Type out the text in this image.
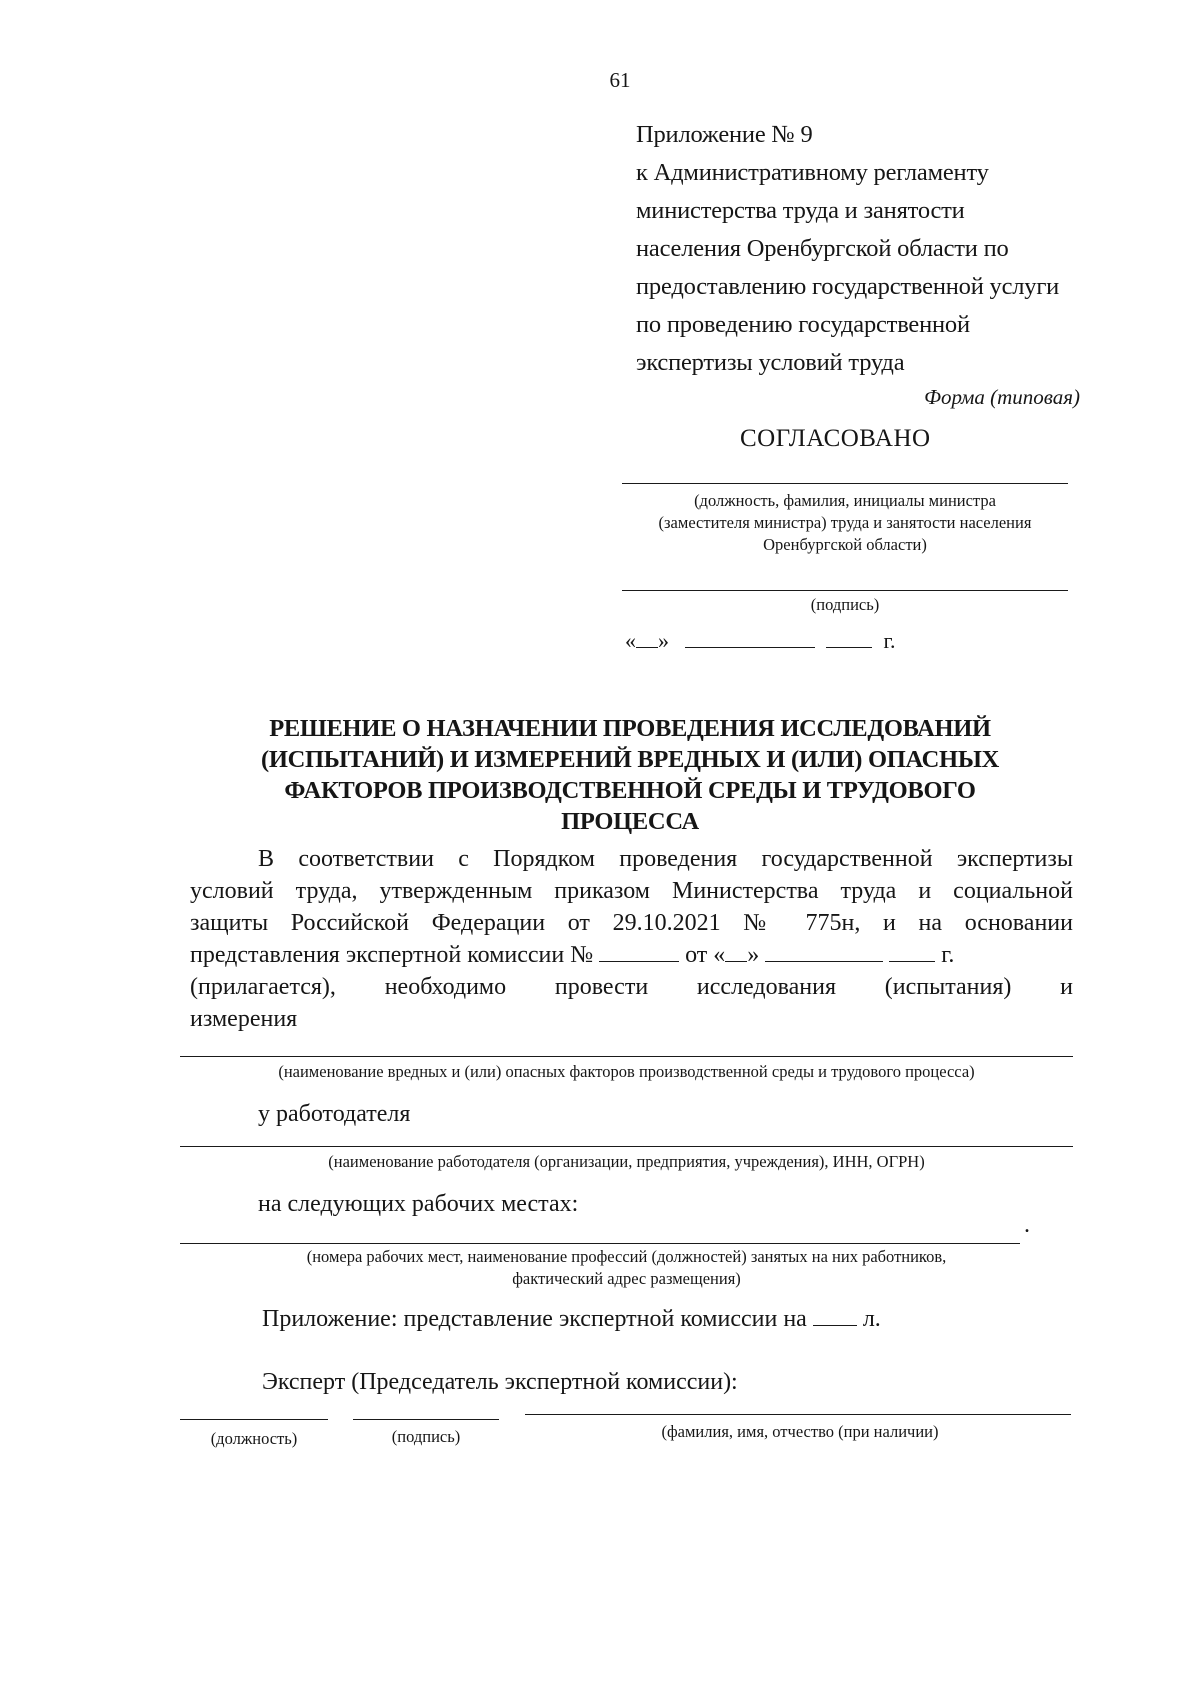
61
Приложение № 9
к Административному регламенту
министерства труда и занятости
населения Оренбургской области по
предоставлению государственной услуги
по проведению государственной
экспертизы условий труда
Форма (типовая)
СОГЛАСОВАНО
(должность, фамилия, инициалы министра
(заместителя министра) труда и занятости населения
Оренбургской области)
(подпись)
« »	г.
РЕШЕНИЕ О НАЗНАЧЕНИИ ПРОВЕДЕНИЯ ИССЛЕДОВАНИЙ
(ИСПЫТАНИЙ) И ИЗМЕРЕНИЙ ВРЕДНЫХ И (ИЛИ) ОПАСНЫХ
ФАКТОРОВ ПРОИЗВОДСТВЕННОЙ СРЕДЫ И ТРУДОВОГО
ПРОЦЕССА
В соответствии с Порядком проведения государственной экспертизы
условий труда, утвержденным приказом Министерства труда и социальной
защиты Российской Федерации от 29.10.2021 № 775н, и на основании
представления экспертной комиссии №	от « »	г.
(прилагается), необходимо провести исследования (испытания) и
измерения
(наименование вредных и (или) опасных факторов производственной среды и трудового процесса)
у работодателя
(наименование работодателя (организации, предприятия, учреждения), ИНН, ОГРН)
на следующих рабочих местах:
.
(номера рабочих мест, наименование профессий (должностей) занятых на них работников,
фактический адрес размещения)
Приложение: представление экспертной комиссии на л.
Эксперт (Председатель экспертной комиссии):
(должность)	(подпись)	(фамилия, имя, отчество (при наличии)
